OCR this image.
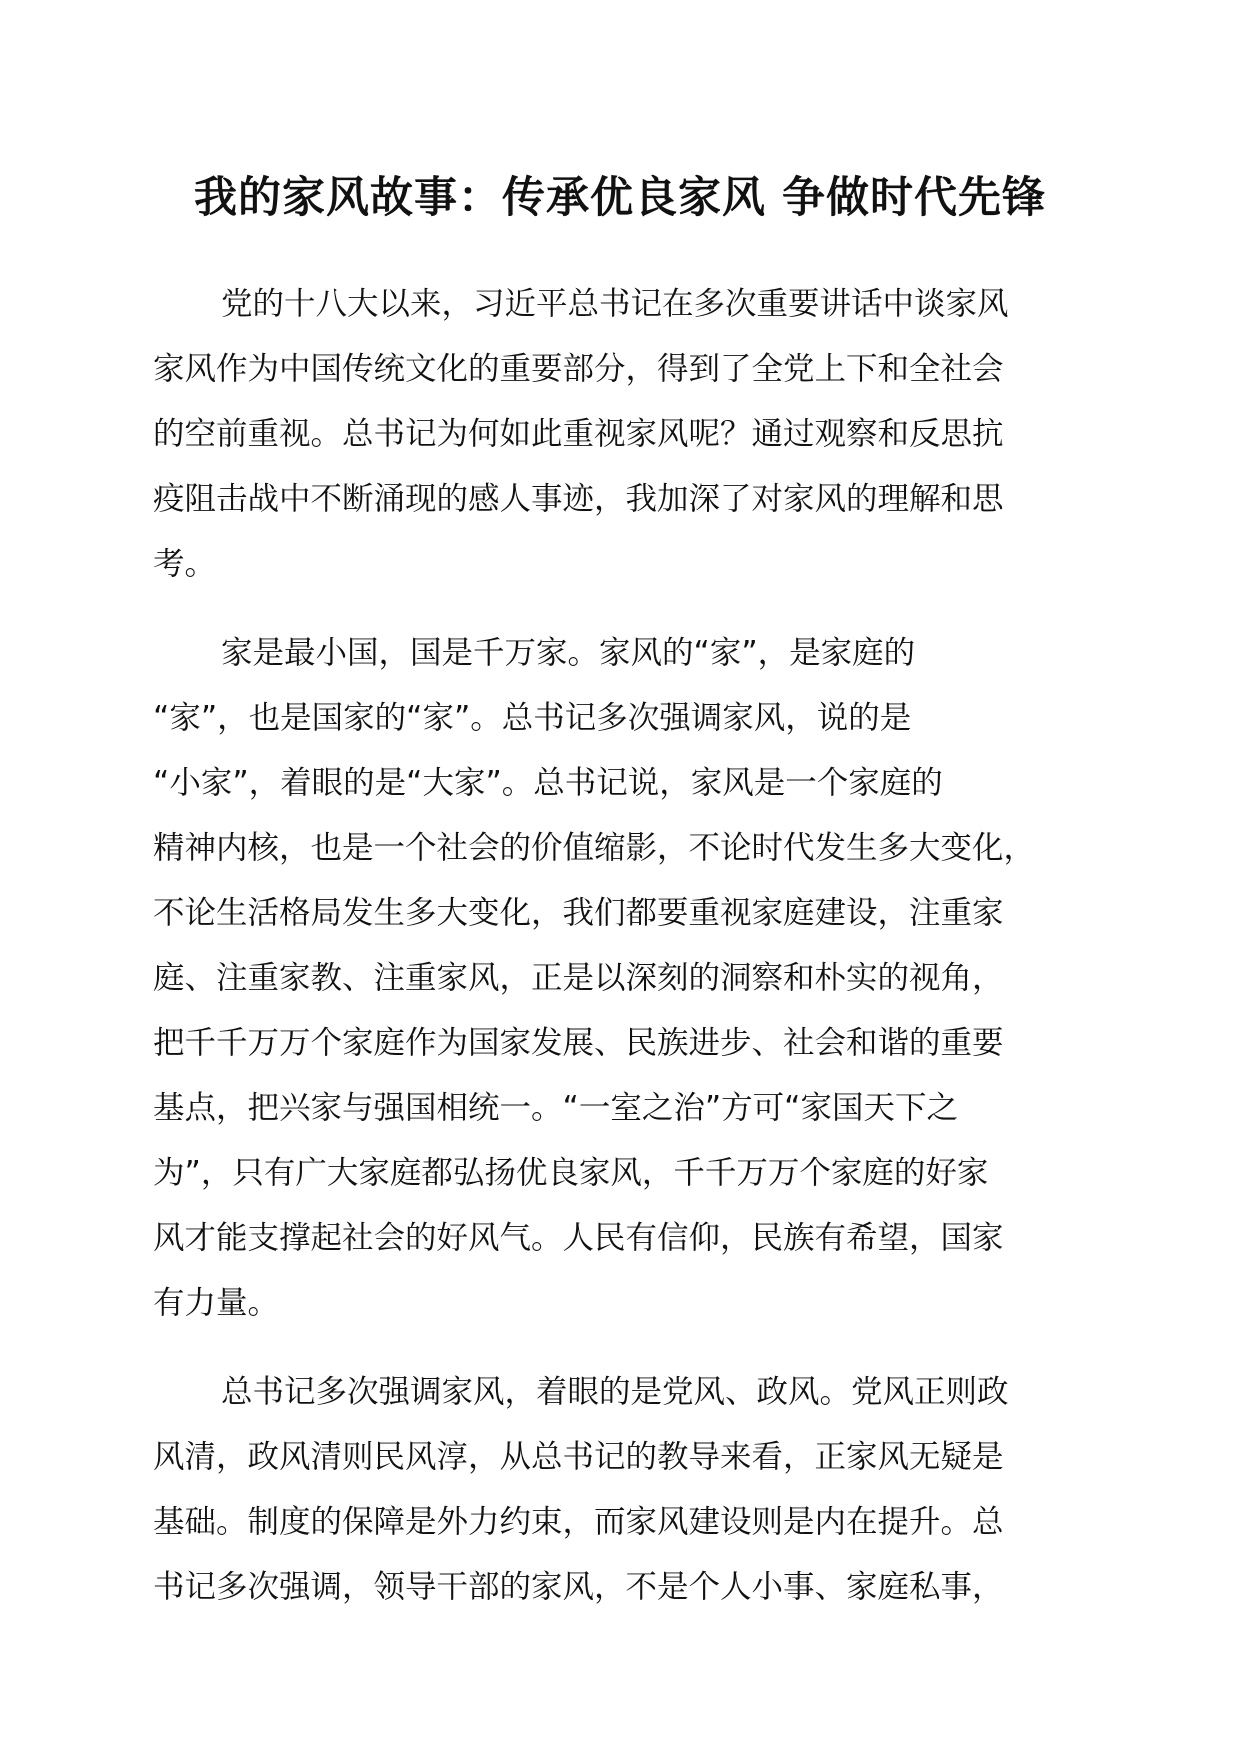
我的家风故事：传承优良家风 争做时代先锋

党的十八大以来，习近平总书记在多次重要讲话中谈家风
家风作为中国传统文化的重要部分，得到了全党上下和全社会
的空前重视。总书记为何如此重视家风呢？通过观察和反思抗
疫阻击战中不断涌现的感人事迹，我加深了对家风的理解和思
考。

家是最小国，国是千万家。家风的“家”，是家庭的
“家”，也是国家的“家”。总书记多次强调家风，说的是
“小家”，着眼的是“大家”。总书记说，家风是一个家庭的
精神内核，也是一个社会的价值缩影，不论时代发生多大变化，
不论生活格局发生多大变化，我们都要重视家庭建设，注重家
庭、注重家教、注重家风，正是以深刻的洞察和朴实的视角，
把千千万万个家庭作为国家发展、民族进步、社会和谐的重要
基点，把兴家与强国相统一。“一室之治”方可“家国天下之
为”，只有广大家庭都弘扬优良家风，千千万万个家庭的好家
风才能支撑起社会的好风气。人民有信仰，民族有希望，国家
有力量。

总书记多次强调家风，着眼的是党风、政风。党风正则政
风清，政风清则民风淳，从总书记的教导来看，正家风无疑是
基础。制度的保障是外力约束，而家风建设则是内在提升。总
书记多次强调，领导干部的家风，不是个人小事、家庭私事，
